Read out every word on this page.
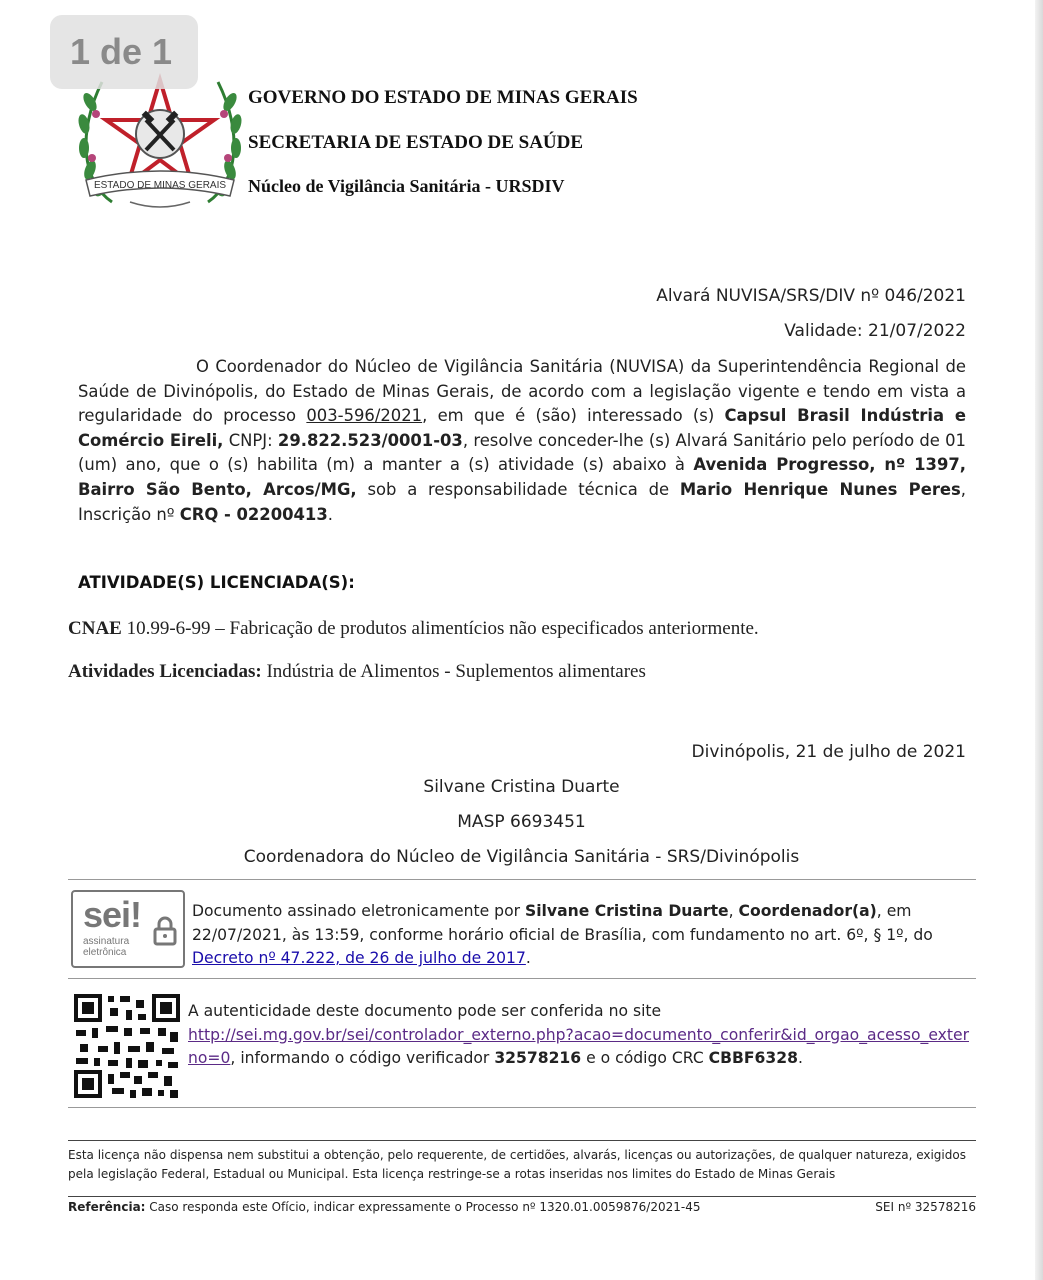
ESTADO DE MINAS GERAIS
1 de 1
GOVERNO DO ESTADO DE MINAS GERAIS
SECRETARIA DE ESTADO DE SAÚDE
Núcleo de Vigilância Sanitária - URSDIV
Alvará NUVISA/SRS/DIV nº 046/2021
Validade: 21/07/2022
O Coordenador do Núcleo de Vigilância Sanitária (NUVISA) da Superintendência Regional de Saúde de Divinópolis, do Estado de Minas Gerais, de acordo com a legislação vigente e tendo em vista a regularidade do processo 003-596/2021, em que é (são) interessado (s) Capsul Brasil Indústria e Comércio Eireli, CNPJ: 29.822.523/0001-03, resolve conceder-lhe (s) Alvará Sanitário pelo período de 01 (um) ano, que o (s) habilita (m) a manter a (s) atividade (s) abaixo à Avenida Progresso, nº 1397, Bairro São Bento, Arcos/MG, sob a responsabilidade técnica de Mario Henrique Nunes Peres, Inscrição nº CRQ - 02200413.
ATIVIDADE(S) LICENCIADA(S):
CNAE 10.99-6-99 – Fabricação de produtos alimentícios não especificados anteriormente.
Atividades Licenciadas: Indústria de Alimentos - Suplementos alimentares
Divinópolis, 21 de julho de 2021
Silvane Cristina Duarte
MASP 6693451
Coordenadora do Núcleo de Vigilância Sanitária - SRS/Divinópolis
sei!
assinatura
eletrônica
Documento assinado eletronicamente por Silvane Cristina Duarte, Coordenador(a), em 22/07/2021, às 13:59, conforme horário oficial de Brasília, com fundamento no art. 6º, § 1º, do Decreto nº 47.222, de 26 de julho de 2017.
A autenticidade deste documento pode ser conferida no site
http://sei.mg.gov.br/sei/controlador_externo.php?acao=documento_conferir&id_orgao_acesso_externo=0, informando o código verificador 32578216 e o código CRC CBBF6328.
Esta licença não dispensa nem substitui a obtenção, pelo requerente, de certidões, alvarás, licenças ou autorizações, de qualquer natureza, exigidos pela legislação Federal, Estadual ou Municipal. Esta licença restringe-se a rotas inseridas nos limites do Estado de Minas Gerais
Referência: Caso responda este Ofício, indicar expressamente o Processo nº 1320.01.0059876/2021-45	SEI nº 32578216
